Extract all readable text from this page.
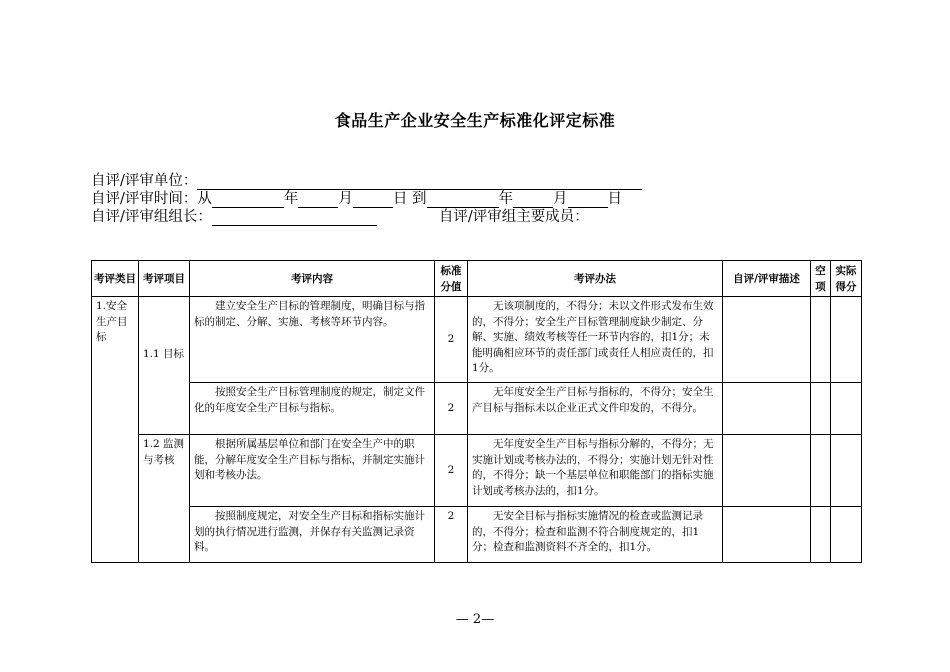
食品生产企业安全生产标准化评定标准
自评/评审单位：
自评/评审时间：从	年	月	日 到	年	月	日
自评/评审组组长：	自评/评审组主要成员：
考评类目	考评项目	考评内容	标准分值	考评办法	自评/评审描述	空项	实际得分
1.安全生产目标	1.1 目标	建立安全生产目标的管理制度，明确目标与指标的制定、分解、实施、考核等环节内容。	2	无该项制度的，不得分；未以文件形式发布生效的，不得分；安全生产目标管理制度缺少制定、分解、实施、绩效考核等任一环节内容的，扣1分；未能明确相应环节的责任部门或责任人相应责任的，扣1分。			
		按照安全生产目标管理制度的规定，制定文件化的年度安全生产目标与指标。	2	无年度安全生产目标与指标的，不得分；安全生产目标与指标未以企业正式文件印发的，不得分。			
	1.2 监测与考核	根据所属基层单位和部门在安全生产中的职能，分解年度安全生产目标与指标，并制定实施计划和考核办法。	2	无年度安全生产目标与指标分解的，不得分；无实施计划或考核办法的，不得分；实施计划无针对性的，不得分；缺一个基层单位和职能部门的指标实施计划或考核办法的，扣1分。			
		按照制度规定，对安全生产目标和指标实施计划的执行情况进行监测，并保存有关监测记录资料。	2	无安全目标与指标实施情况的检查或监测记录的，不得分；检查和监测不符合制度规定的，扣1分；检查和监测资料不齐全的，扣1分。			
— 2—
